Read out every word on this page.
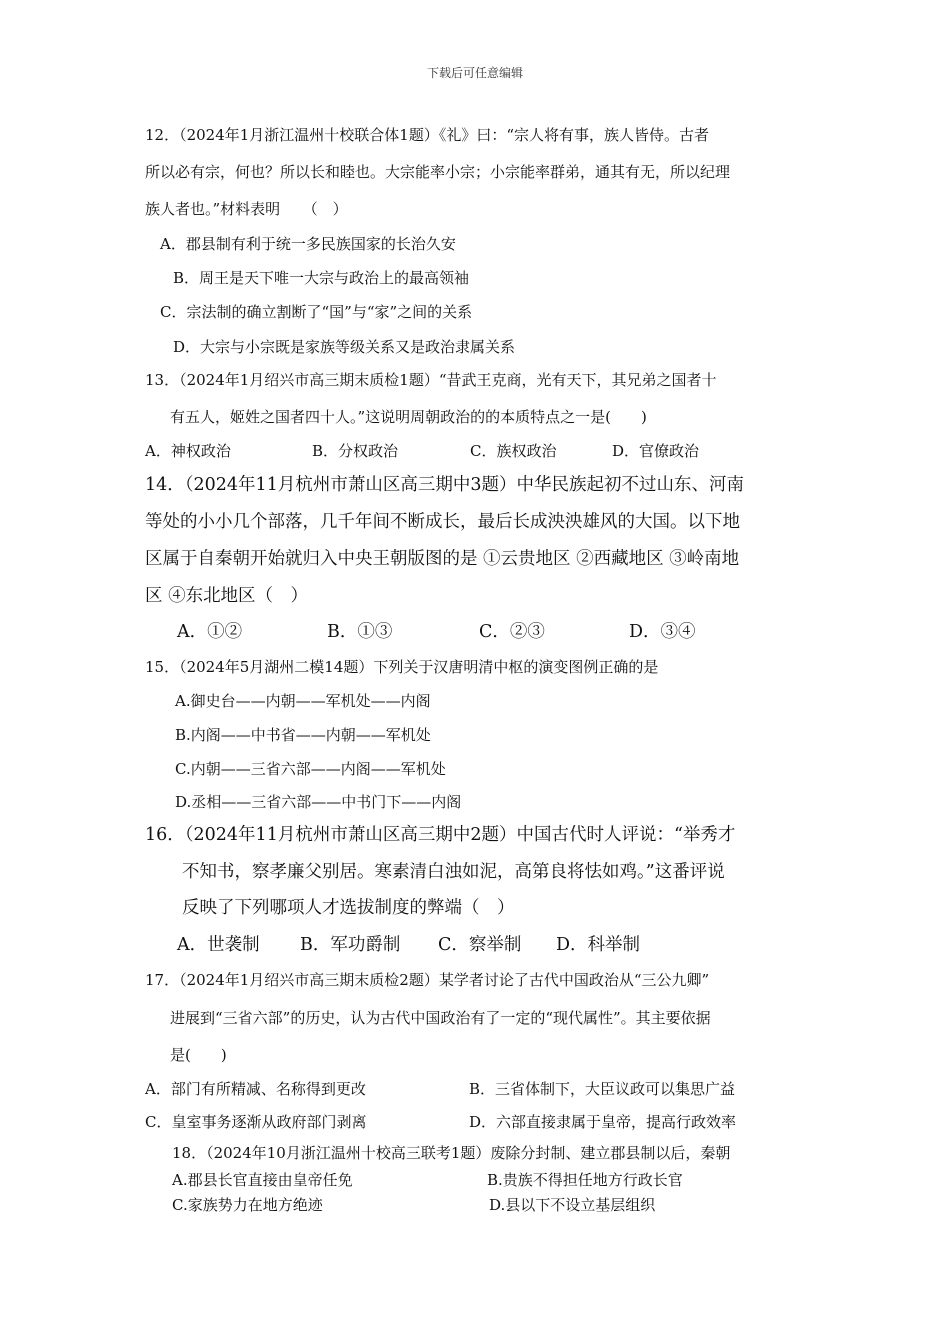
下载后可任意编辑
12．（2024年1月浙江温州十校联合体1题）《礼》曰：“宗人将有事，族人皆侍。古者
所以必有宗，何也？所以长和睦也。大宗能率小宗；小宗能率群弟，通其有无，所以纪理
族人者也。”材料表明　　（　）
A．郡县制有利于统一多民族国家的长治久安
B．周王是天下唯一大宗与政治上的最高领袖
C．宗法制的确立割断了“国”与“家”之间的关系
D．大宗与小宗既是家族等级关系又是政治隶属关系
13．（2024年1月绍兴市高三期末质检1题）“昔武王克商，光有天下，其兄弟之国者十
有五人，姬姓之国者四十人。”这说明周朝政治的的本质特点之一是(　　)
A．神权政治	B．分权政治	C．族权政治	D．官僚政治
14．（2024年11月杭州市萧山区高三期中3题）中华民族起初不过山东、河南
等处的小小几个部落，几千年间不断成长，最后长成泱泱雄风的大国。以下地
区属于自秦朝开始就归入中央王朝版图的是 ①云贵地区 ②西藏地区 ③岭南地
区 ④东北地区（　）
A．①②	B．①③	C．②③	D．③④
15．（2024年5月湖州二模14题）下列关于汉唐明清中枢的演变图例正确的是
A.御史台——内朝——军机处——内阁
B.内阁——中书省——内朝——军机处
C.内朝——三省六部——内阁——军机处
D.丞相——三省六部——中书门下——内阁
16．（2024年11月杭州市萧山区高三期中2题）中国古代时人评说：“举秀才
不知书，察孝廉父别居。寒素清白浊如泥，高第良将怯如鸡。”这番评说
反映了下列哪项人才选拔制度的弊端（　）
A．世袭制 B．军功爵制 C．察举制 D．科举制
17．（2024年1月绍兴市高三期末质检2题）某学者讨论了古代中国政治从“三公九卿”
进展到“三省六部”的历史，认为古代中国政治有了一定的“现代属性”。其主要依据
是(　　)
A．部门有所精减、名称得到更改	B．三省体制下，大臣议政可以集思广益
C．皇室事务逐渐从政府部门剥离	D．六部直接隶属于皇帝，提高行政效率
18．（2024年10月浙江温州十校高三联考1题）废除分封制、建立郡县制以后，秦朝
A.郡县长官直接由皇帝任免	B.贵族不得担任地方行政长官
C.家族势力在地方绝迹	D.县以下不设立基层组织
